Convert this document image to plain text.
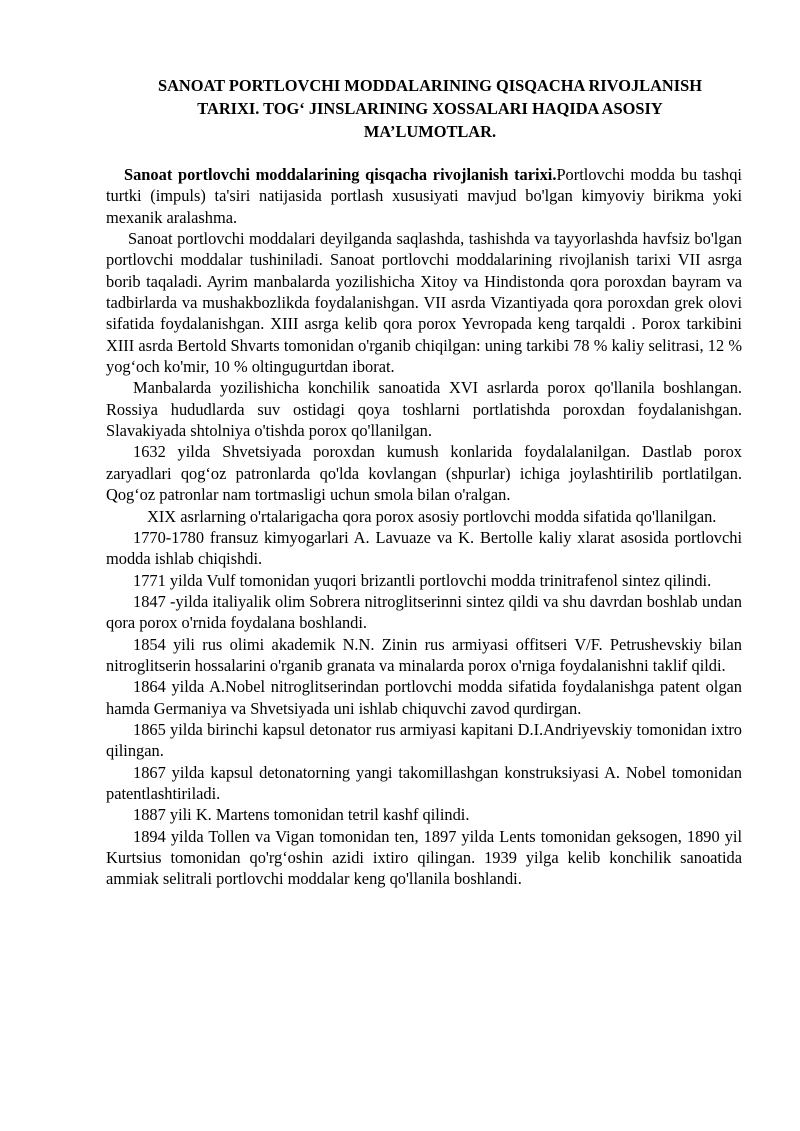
SANOAT PORTLOVCHI MODDALARINING QISQACHA RIVOJLANISH
TARIXI. TOG‘ JINSLARINING XOSSALARI HAQIDA ASOSIY
MA’LUMOTLAR.

Sanoat portlovchi moddalarining qisqacha rivojlanish tarixi.Portlovchi modda bu tashqi turtki (impuls) ta'siri natijasida portlash xususiyati mavjud bo'lgan kimyoviy birikma yoki mexanik aralashma.

Sanoat portlovchi moddalari deyilganda saqlashda, tashishda va tayyorlashda havfsiz bo'lgan portlovchi moddalar tushiniladi. Sanoat portlovchi moddalarining rivojlanish tarixi VII asrga borib taqaladi. Ayrim manbalarda yozilishicha Xitoy va Hindistonda qora poroxdan bayram va tadbirlarda va mushakbozlikda foydalanishgan. VII asrda Vizantiyada qora poroxdan grek olovi sifatida foydalanishgan. XIII asrga kelib qora porox Yevropada keng tarqaldi . Porox tarkibini XIII asrda Bertold Shvarts tomonidan o'rganib chiqilgan: uning tarkibi 78 % kaliy selitrasi, 12 % yog‘och ko'mir, 10 % oltingugurtdan iborat.

Manbalarda yozilishicha konchilik sanoatida XVI asrlarda porox qo'llanila boshlangan. Rossiya hududlarda suv ostidagi qoya toshlarni portlatishda poroxdan foydalanishgan. Slavakiyada shtolniya o'tishda porox qo'llanilgan.

1632 yilda Shvetsiyada poroxdan kumush konlarida foydalalanilgan. Dastlab porox zaryadlari qog‘oz patronlarda qo'lda kovlangan (shpurlar) ichiga joylashtirilib portlatilgan. Qog‘oz patronlar nam tortmasligi uchun smola bilan o'ralgan.

XIX asrlarning o'rtalarigacha qora porox asosiy portlovchi modda sifatida qo'llanilgan.

1770-1780 fransuz kimyogarlari A. Lavuaze va K. Bertolle kaliy xlarat asosida portlovchi modda ishlab chiqishdi.

1771 yilda Vulf tomonidan yuqori brizantli portlovchi modda trinitrafenol sintez qilindi.

1847 -yilda italiyalik olim Sobrera nitroglitserinni sintez qildi va shu davrdan boshlab undan qora porox o'rnida foydalana boshlandi.

1854 yili rus olimi akademik N.N. Zinin rus armiyasi offitseri V/F. Petrushevskiy bilan nitroglitserin hossalarini o'rganib granata va minalarda porox o'rniga foydalanishni taklif qildi.

1864 yilda A.Nobel nitroglitserindan portlovchi modda sifatida foydalanishga patent olgan hamda Germaniya va Shvetsiyada uni ishlab chiquvchi zavod qurdirgan.

1865 yilda birinchi kapsul detonator rus armiyasi kapitani D.I.Andriyevskiy tomonidan ixtro qilingan.

1867 yilda kapsul detonatorning yangi takomillashgan konstruksiyasi A. Nobel tomonidan patentlashtiriladi.

1887 yili K. Martens tomonidan tetril kashf qilindi.

1894 yilda Tollen va Vigan tomonidan ten, 1897 yilda Lents tomonidan geksogen, 1890 yil Kurtsius tomonidan qo'rg‘oshin azidi ixtiro qilingan. 1939 yilga kelib konchilik sanoatida ammiak selitrali portlovchi moddalar keng qo'llanila boshlandi.
